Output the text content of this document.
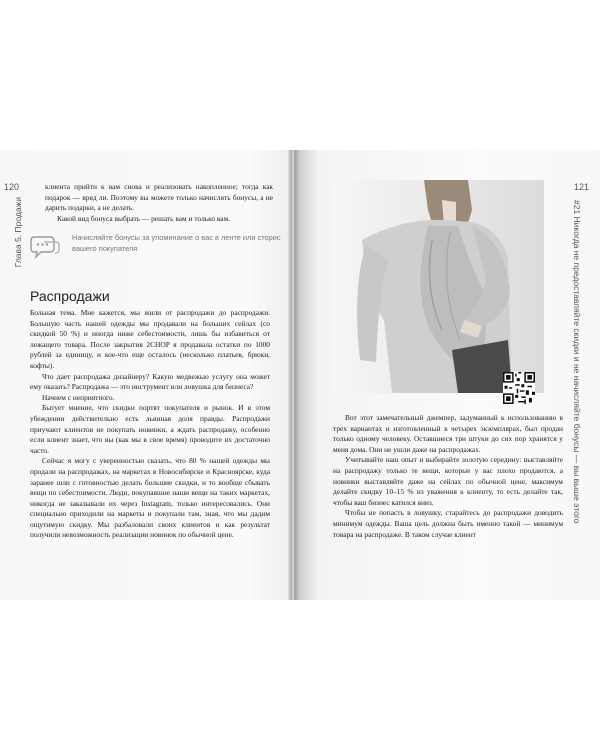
120
Глава 5. Продажи

клиента прийти к вам снова и реализовать накопленное; тогда как подарок — вряд ли. Поэтому вы можете только начислять бонусы, а не дарить подарки, а не делать.

Какой вид бонуса выбрать — решать вам и только вам.

Начисляйте бонусы за упоминание о вас в ленте или сторис вашего покупателя
Распродажи

Больная тема. Мне кажется, мы жили от распродажи до распродажи. Большую часть нашей одежды мы продавали на больших сейлах (со скидкой 50 %) и иногда ниже себестоимости, лишь бы избавиться от лежащего товара. После закрытия 2CHOP я продавала остатки по 1000 рублей за единицу, и кое-что еще осталось (несколько платьев, брюки, кофты).

Что дает распродажа дизайнеру? Какую медвежью услугу она может ему оказать? Распродажа — это инструмент или ловушка для бизнеса?

Начнем с неприятного.

Бытует мнение, что скидки портят покупателя и рынок. И в этом убеждении действительно есть львиная доля правды. Распродажи приучают клиентов не покупать новинки, а ждать распродажу, особенно если клиент знает, что вы (как мы в свое время) проводите их достаточно часто.

Сейчас я могу с уверенностью сказать, что 80 % нашей одежды мы продали на распродажах, на маркетах в Новосибирске и Красноярске, куда заранее шли с готовностью делать большие скидки, и то вообще сбывать вещи по себестоимости. Люди, покупавшие наши вещи на таких маркетах, никогда не заказывали их через Instagram, только интересовались. Они специально приходили на маркеты и покупали там, зная, что мы дадим ощутимую скидку. Мы разбаловали своих клиентов и как результат получили невозможность реализации новинок по обычной цене.

121
#21 Никогда не предоставляйте скидки и не начисляйте бонусы — вы выше этого

Вот этот замечательный джемпер, задуманный к использованию в трех вариантах и изготовленный в четырех экземплярах, был продан только одному человеку. Оставшиеся три штуки до сих пор хранятся у меня дома. Они не ушли даже на распродажах.

Учитывайте наш опыт и выбирайте золотую середину: выставляйте на распродажу только те вещи, которые у вас плохо продаются, а новинки выставляйте даже на сейлах по обычной цене, максимум делайте скидку 10–15 % из уважения к клиенту, то есть делайте так, чтобы ваш бизнес катился вниз.

Чтобы не попасть в ловушку, старайтесь до распродажи доводить минимум одежды. Ваша цель должна быть именно такой — минимум товара на распродаже. В таком случае клиент
